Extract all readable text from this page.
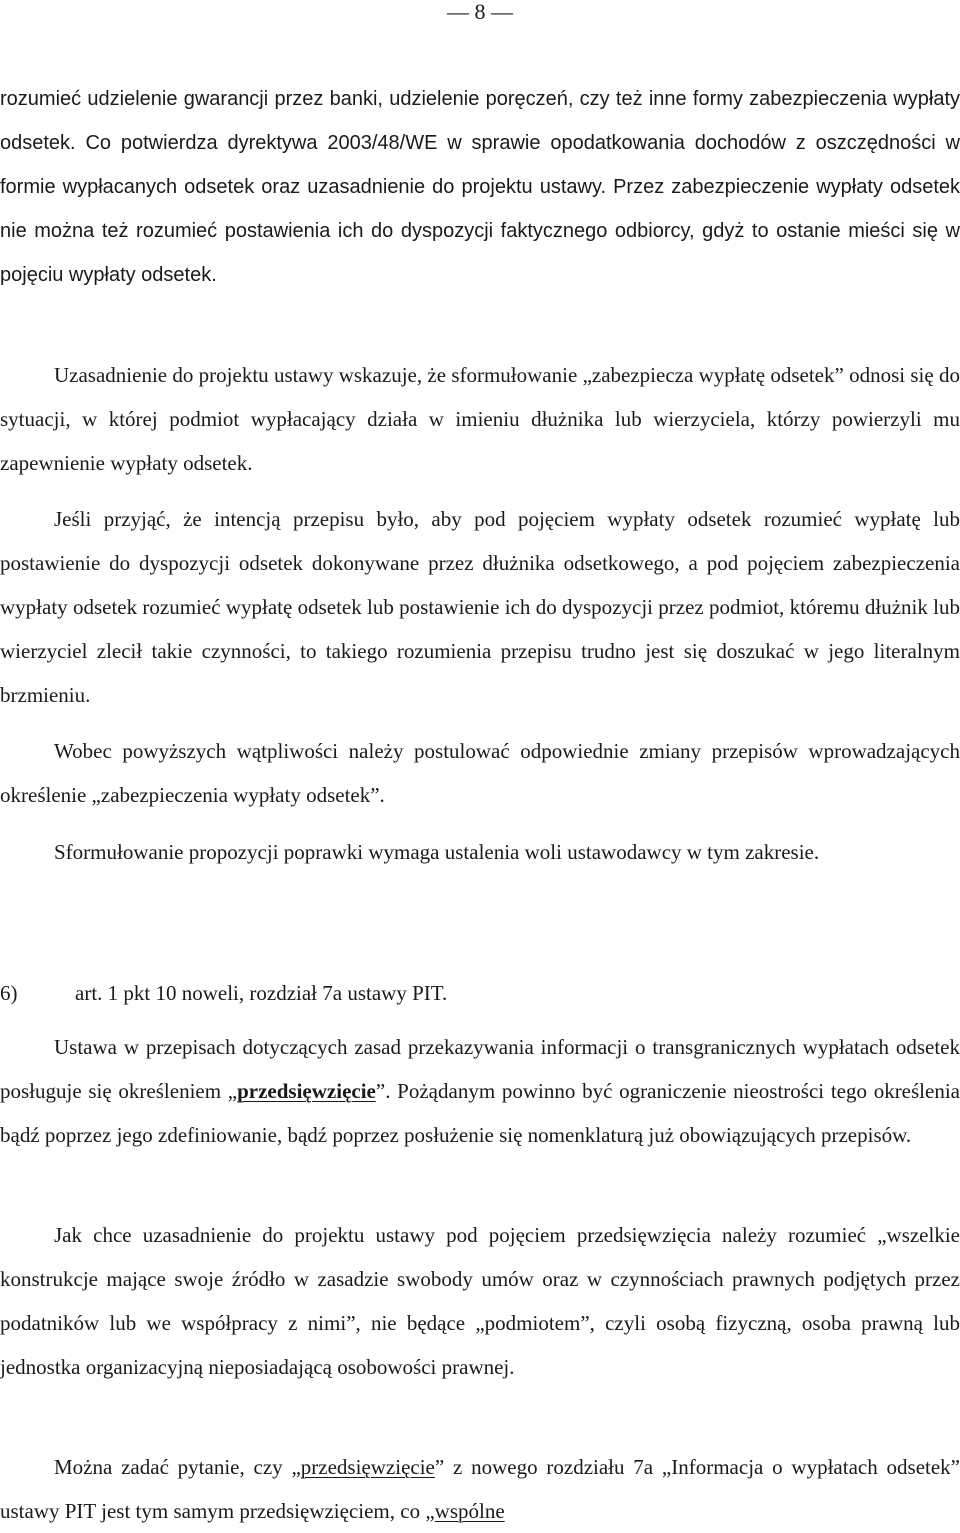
— 8 —

rozumieć udzielenie gwarancji przez banki, udzielenie poręczeń, czy też inne formy zabezpieczenia wypłaty odsetek. Co potwierdza dyrektywa 2003/48/WE w sprawie opodatkowania dochodów z oszczędności w formie wypłacanych odsetek oraz uzasadnienie do projektu ustawy. Przez zabezpieczenie wypłaty odsetek nie można też rozumieć postawienia ich do dyspozycji faktycznego odbiorcy, gdyż to ostanie mieści się w pojęciu wypłaty odsetek.

Uzasadnienie do projektu ustawy wskazuje, że sformułowanie „zabezpiecza wypłatę odsetek” odnosi się do sytuacji, w której podmiot wypłacający działa w imieniu dłużnika lub wierzyciela, którzy powierzyli mu zapewnienie wypłaty odsetek.

Jeśli przyjąć, że intencją przepisu było, aby pod pojęciem wypłaty odsetek rozumieć wypłatę lub postawienie do dyspozycji odsetek dokonywane przez dłużnika odsetkowego, a pod pojęciem zabezpieczenia wypłaty odsetek rozumieć wypłatę odsetek lub postawienie ich do dyspozycji przez podmiot, któremu dłużnik lub wierzyciel zlecił takie czynności, to takiego rozumienia przepisu trudno jest się doszukać w jego literalnym brzmieniu.

Wobec powyższych wątpliwości należy postulować odpowiednie zmiany przepisów wprowadzających określenie „zabezpieczenia wypłaty odsetek”.

Sformułowanie propozycji poprawki wymaga ustalenia woli ustawodawcy w tym zakresie.

6)	art. 1 pkt 10 noweli, rozdział 7a ustawy PIT.

Ustawa w przepisach dotyczących zasad przekazywania informacji o transgranicznych wypłatach odsetek posługuje się określeniem „przedsięwzięcie”. Pożądanym powinno być ograniczenie nieostrości tego określenia bądź poprzez jego zdefiniowanie, bądź poprzez posłużenie się nomenklaturą już obowiązujących przepisów.

Jak chce uzasadnienie do projektu ustawy pod pojęciem przedsięwzięcia należy rozumieć „wszelkie konstrukcje mające swoje źródło w zasadzie swobody umów oraz w czynnościach prawnych podjętych przez podatników lub we współpracy z nimi”, nie będące „podmiotem”, czyli osobą fizyczną, osoba prawną lub jednostka organizacyjną nieposiadającą osobowości prawnej.

Można zadać pytanie, czy „przedsięwzięcie” z nowego rozdziału 7a „Informacja o wypłatach odsetek” ustawy PIT jest tym samym przedsięwzięciem, co „wspólne
